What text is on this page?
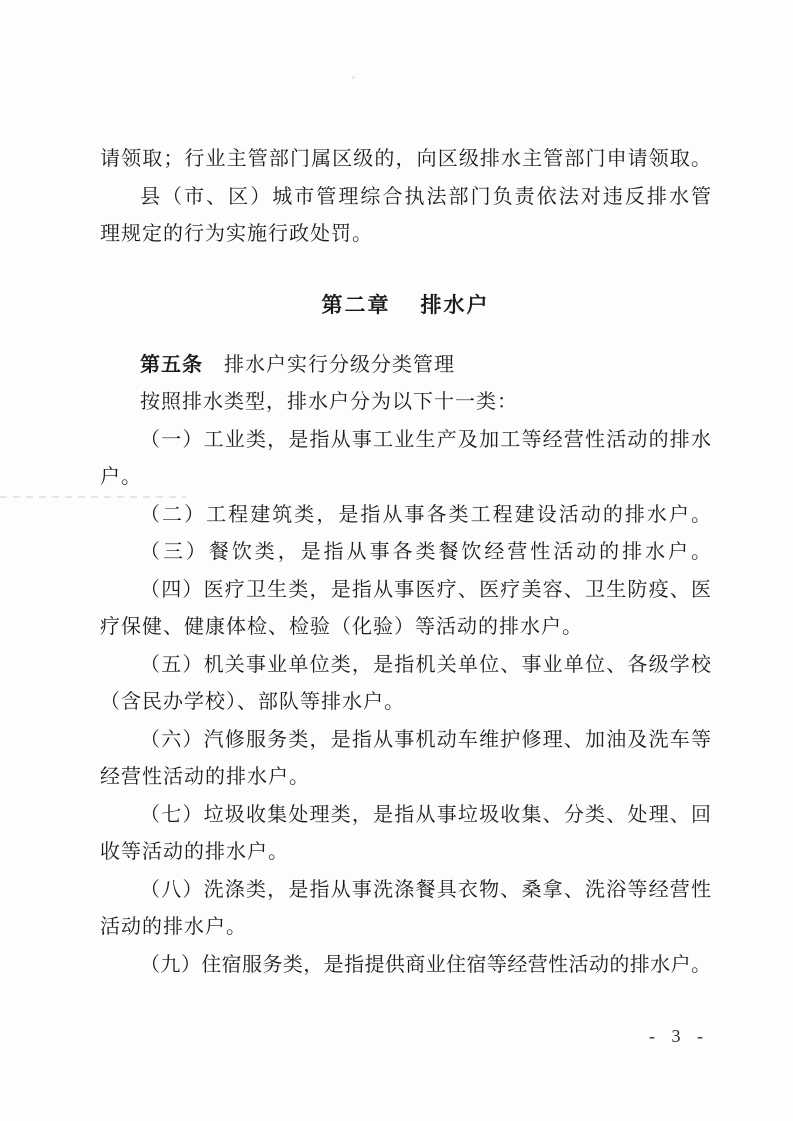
请领取；行业主管部门属区级的，向区级排水主管部门申请领取。
县（市、区）城市管理综合执法部门负责依法对违反排水管
理规定的行为实施行政处罚。
第二章 排水户
第五条 排水户实行分级分类管理
按照排水类型，排水户分为以下十一类：
（一）工业类，是指从事工业生产及加工等经营性活动的排水
户。
（二）工程建筑类，是指从事各类工程建设活动的排水户。
（三）餐饮类，是指从事各类餐饮经营性活动的排水户。
（四）医疗卫生类，是指从事医疗、医疗美容、卫生防疫、医
疗保健、健康体检、检验（化验）等活动的排水户。
（五）机关事业单位类，是指机关单位、事业单位、各级学校
（含民办学校）、部队等排水户。
（六）汽修服务类，是指从事机动车维护修理、加油及洗车等
经营性活动的排水户。
（七）垃圾收集处理类，是指从事垃圾收集、分类、处理、回
收等活动的排水户。
（八）洗涤类，是指从事洗涤餐具衣物、桑拿、洗浴等经营性
活动的排水户。
（九）住宿服务类，是指提供商业住宿等经营性活动的排水户。
- 3 -
